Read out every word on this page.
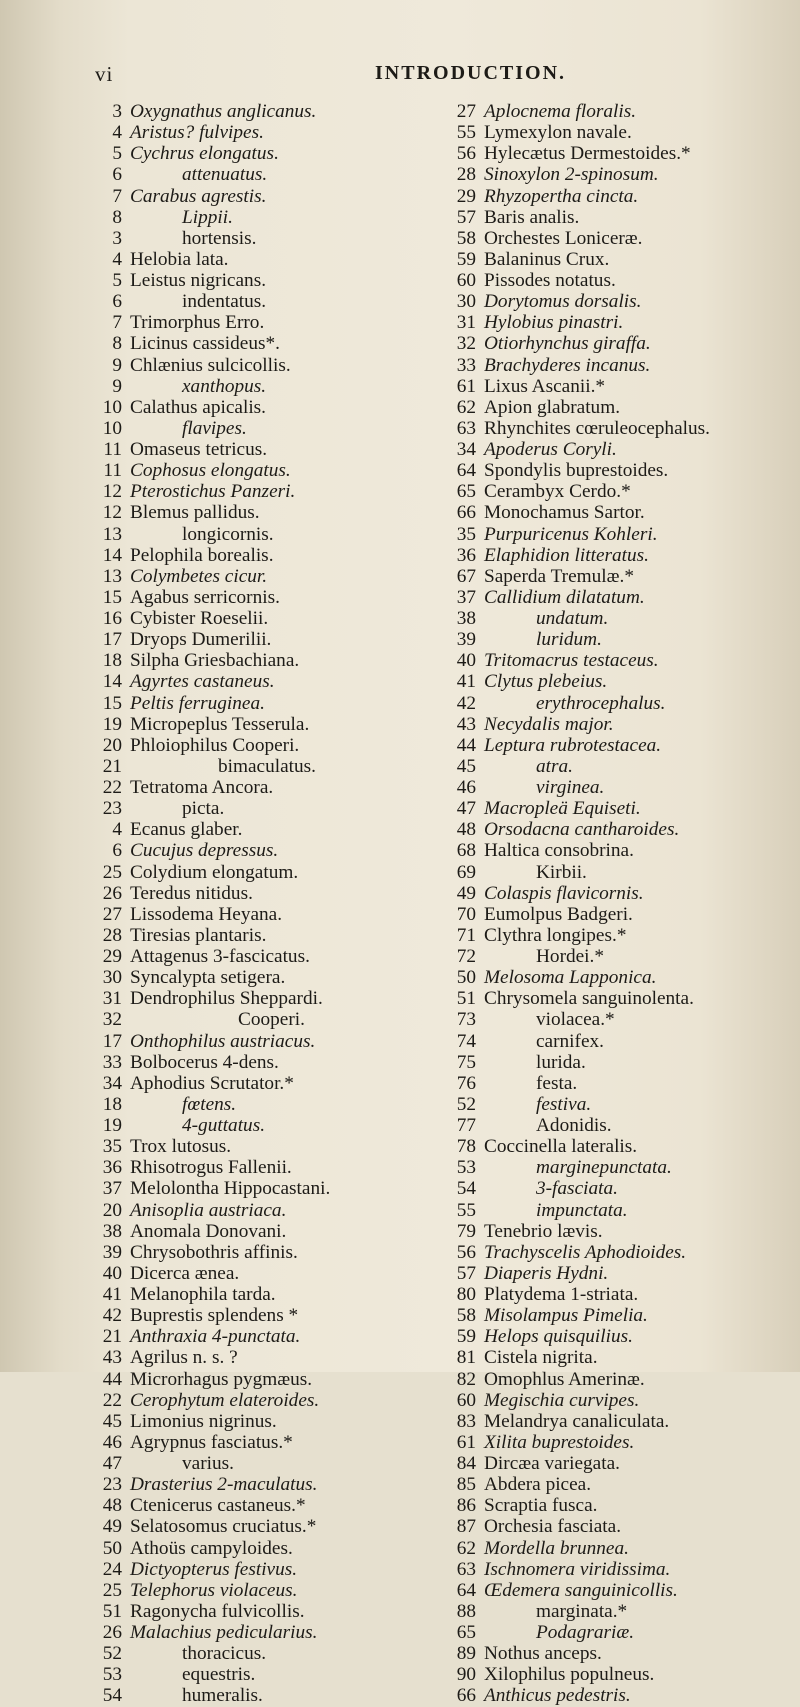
vi	INTRODUCTION.
3 Oxygnathus anglicanus.
4 Aristus? fulvipes.
5 Cychrus elongatus.
6	attenuatus.
7 Carabus agrestis.
8	Lippii.
3	hortensis.
4 Helobia lata.
5 Leistus nigricans.
6	indentatus.
7 Trimorphus Erro.
8 Licinus cassideus*.
9 Chlænius sulcicollis.
9	xanthopus.
10 Calathus apicalis.
10	flavipes.
11 Omaseus tetricus.
11 Cophosus elongatus.
12 Pterostichus Panzeri.
12 Blemus pallidus.
13	longicornis.
14 Pelophila borealis.
13 Colymbetes cicur.
15 Agabus serricornis.
16 Cybister Roeselii.
17 Dryops Dumerilii.
18 Silpha Griesbachiana.
14 Agyrtes castaneus.
15 Peltis ferruginea.
19 Micropeplus Tesserula.
20 Phloiophilus Cooperi.
21	bimaculatus.
22 Tetratoma Ancora.
23	picta.
4 Ecanus glaber.
6 Cucujus depressus.
25 Colydium elongatum.
26 Teredus nitidus.
27 Lissodema Heyana.
28 Tiresias plantaris.
29 Attagenus 3-fascicatus.
30 Syncalypta setigera.
31 Dendrophilus Sheppardi.
32	Cooperi.
17 Onthophilus austriacus.
33 Bolbocerus 4-dens.
34 Aphodius Scrutator.*
18	fœtens.
19	4-guttatus.
35 Trox lutosus.
36 Rhisotrogus Fallenii.
37 Melolontha Hippocastani.
20 Anisoplia austriaca.
38 Anomala Donovani.
39 Chrysobothris affinis.
40 Dicerca ænea.
41 Melanophila tarda.
42 Buprestis splendens *
21 Anthraxia 4-punctata.
43 Agrilus n. s. ?
44 Microrhagus pygmæus.
22 Cerophytum elateroides.
45 Limonius nigrinus.
46 Agrypnus fasciatus.*
47	varius.
23 Drasterius 2-maculatus.
48 Ctenicerus castaneus.*
49 Selatosomus cruciatus.*
50 Athoüs campyloides.
24 Dictyopterus festivus.
25 Telephorus violaceus.
51 Ragonycha fulvicollis.
26 Malachius pedicularius.
52	thoracicus.
53	equestris.
54	humeralis.
27 Aplocnema floralis.
55 Lymexylon navale.
56 Hylecætus Dermestoides.*
28 Sinoxylon 2-spinosum.
29 Rhyzopertha cincta.
57 Baris analis.
58 Orchestes Loniceræ.
59 Balaninus Crux.
60 Pissodes notatus.
30 Dorytomus dorsalis.
31 Hylobius pinastri.
32 Otiorhynchus giraffa.
33 Brachyderes incanus.
61 Lixus Ascanii.*
62 Apion glabratum.
63 Rhynchites cœruleocephalus.
34 Apoderus Coryli.
64 Spondylis buprestoides.
65 Cerambyx Cerdo.*
66 Monochamus Sartor.
35 Purpuricenus Kohleri.
36 Elaphidion litteratus.
67 Saperda Tremulæ.*
37 Callidium dilatatum.
38	undatum.
39	luridum.
40 Tritomacrus testaceus.
41 Clytus plebeius.
42	erythrocephalus.
43 Necydalis major.
44 Leptura rubrotestacea.
45	atra.
46	virginea.
47 Macropleä Equiseti.
48 Orsodacna cantharoides.
68 Haltica consobrina.
69	Kirbii.
49 Colaspis flavicornis.
70 Eumolpus Badgeri.
71 Clythra longipes.*
72	Hordei.*
50 Melosoma Lapponica.
51 Chrysomela sanguinolenta.
73	violacea.*
74	carnifex.
75	lurida.
76	festa.
52	festiva.
77	Adonidis.
78 Coccinella lateralis.
53	marginepunctata.
54	3-fasciata.
55	impunctata.
79 Tenebrio lævis.
56 Trachyscelis Aphodioides.
57 Diaperis Hydni.
80 Platydema 1-striata.
58 Misolampus Pimelia.
59 Helops quisquilius.
81 Cistela nigrita.
82 Omophlus Amerinæ.
60 Megischia curvipes.
83 Melandrya canaliculata.
61 Xilita buprestoides.
84 Dircæa variegata.
85 Abdera picea.
86 Scraptia fusca.
87 Orchesia fasciata.
62 Mordella brunnea.
63 Ischnomera viridissima.
64 Œdemera sanguinicollis.
88	marginata.*
65	Podagrariæ.
89 Nothus anceps.
90 Xilophilus populneus.
66 Anthicus pedestris.
